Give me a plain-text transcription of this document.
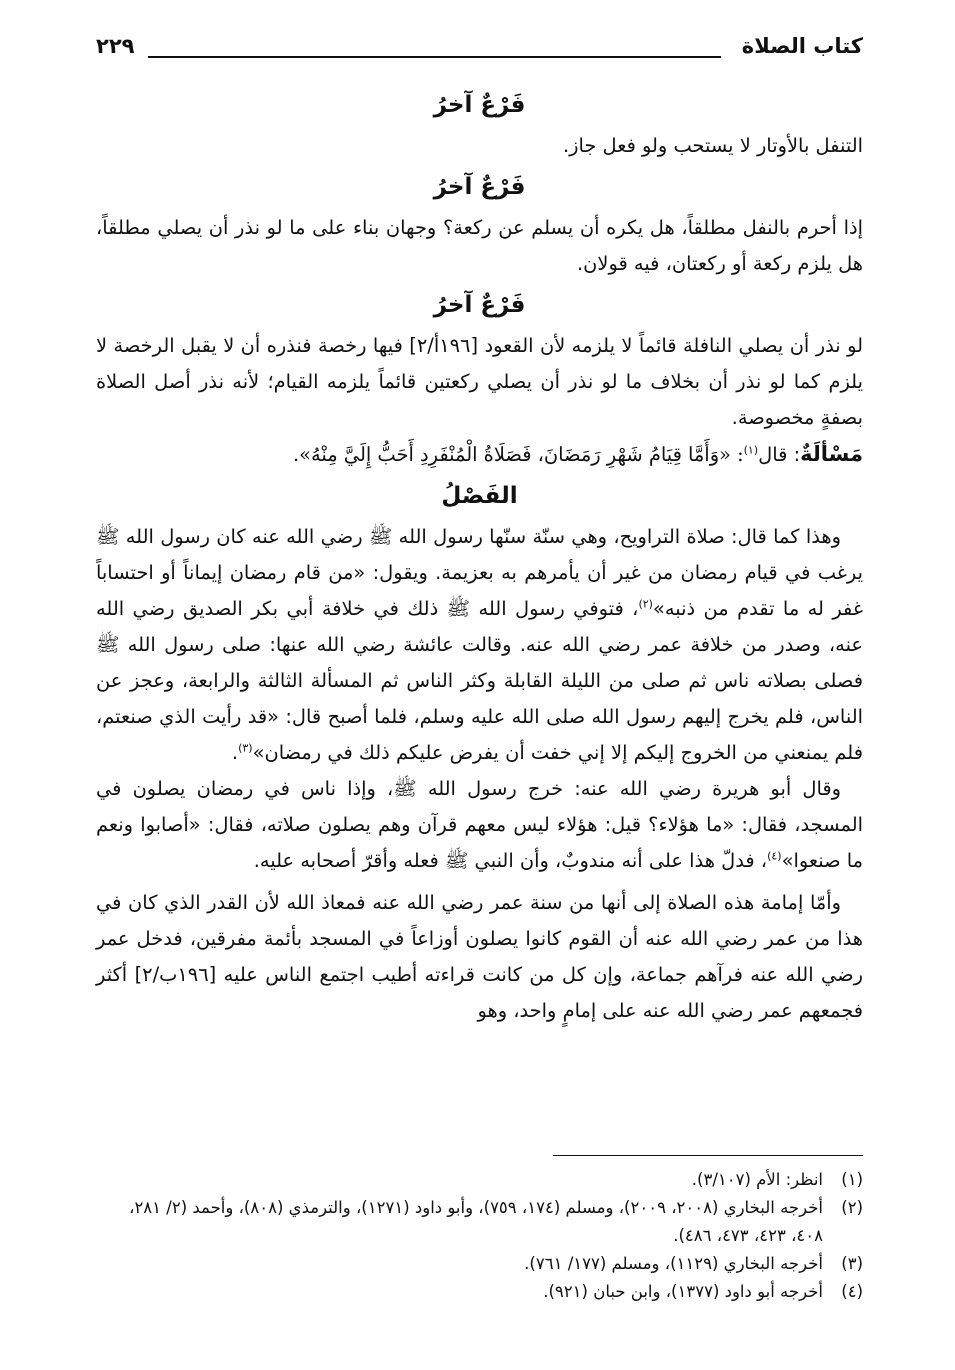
كتاب الصلاة
٢٢٩
فَرْعٌ آخرُ

التنفل بالأوتار لا يستحب ولو فعل جاز.

فَرْعٌ آخرُ

إذا أحرم بالنفل مطلقاً، هل يكره أن يسلم عن ركعة؟ وجهان بناء على ما لو نذر أن يصلي مطلقاً، هل يلزم ركعة أو ركعتان، فيه قولان.

فَرْعٌ آخرُ

لو نذر أن يصلي النافلة قائماً لا يلزمه لأن القعود [١٩٦أ/٢] فيها رخصة فنذره أن لا يقبل الرخصة لا يلزم كما لو نذر أن بخلاف ما لو نذر أن يصلي ركعتين قائماً يلزمه القيام؛ لأنه نذر أصل الصلاة بصفةٍ مخصوصة.

مَسْألَةٌ: قال$^{(١)}$: «وَأَمَّا قِيَامُ شَهْرِ رَمَضَانَ، فَصَلَاةُ الْمُنْفَرِدِ أَحَبُّ إِلَيَّ مِنْهُ».

الفَصْلُ

وهذا كما قال: صلاة التراويح، وهي سنّة سنّها رسول الله ﷺ رضي الله عنه كان رسول الله ﷺ يرغب في قيام رمضان من غير أن يأمرهم به بعزيمة. ويقول: «من قام رمضان إيماناً أو احتساباً غفر له ما تقدم من ذنبه»$^{(٢)}$، فتوفي رسول الله ﷺ ذلك في خلافة أبي بكر الصديق رضي الله عنه، وصدر من خلافة عمر رضي الله عنه. وقالت عائشة رضي الله عنها: صلى رسول الله ﷺ فصلى بصلاته ناس ثم صلى من الليلة القابلة وكثر الناس ثم المسألة الثالثة والرابعة، وعجز عن الناس، فلم يخرج إليهم رسول الله صلى الله عليه وسلم، فلما أصبح قال: «قد رأيت الذي صنعتم، فلم يمنعني من الخروج إليكم إلا إني خفت أن يفرض عليكم ذلك في رمضان»$^{(٣)}$.

وقال أبو هريرة رضي الله عنه: خرج رسول الله ﷺ، وإذا ناس في رمضان يصلون في المسجد، فقال: «ما هؤلاء؟ قيل: هؤلاء ليس معهم قرآن وهم يصلون صلاته، فقال: «أصابوا ونعم ما صنعوا»$^{(٤)}$، فدلّ هذا على أنه مندوبٌ، وأن النبي ﷺ فعله وأقرّ أصحابه عليه.

وأمّا إمامة هذه الصلاة إلى أنها من سنة عمر رضي الله عنه فمعاذ الله لأن القدر الذي كان في هذا من عمر رضي الله عنه أن القوم كانوا يصلون أوزاعاً في المسجد بأئمة مفرقين، فدخل عمر رضي الله عنه فرآهم جماعة، وإن كل من كانت قراءته أطيب اجتمع الناس عليه [١٩٦ب/٢] أكثر فجمعهم عمر رضي الله عنه على إمامٍ واحد، وهو

(١)
انظر: الأم (٣/١٠٧).
(٢)
أخرجه البخاري (٢٠٠٨، ٢٠٠٩)، ومسلم (١٧٤، ٧٥٩)، وأبو داود (١٢٧١)، والترمذي (٨٠٨)، وأحمد (٢/ ٢٨١، ٤٠٨، ٤٢٣، ٤٧٣، ٤٨٦).
(٣)
أخرجه البخاري (١١٢٩)، ومسلم (١٧٧/ ٧٦١).
(٤)
أخرجه أبو داود (١٣٧٧)، وابن حبان (٩٢١).
